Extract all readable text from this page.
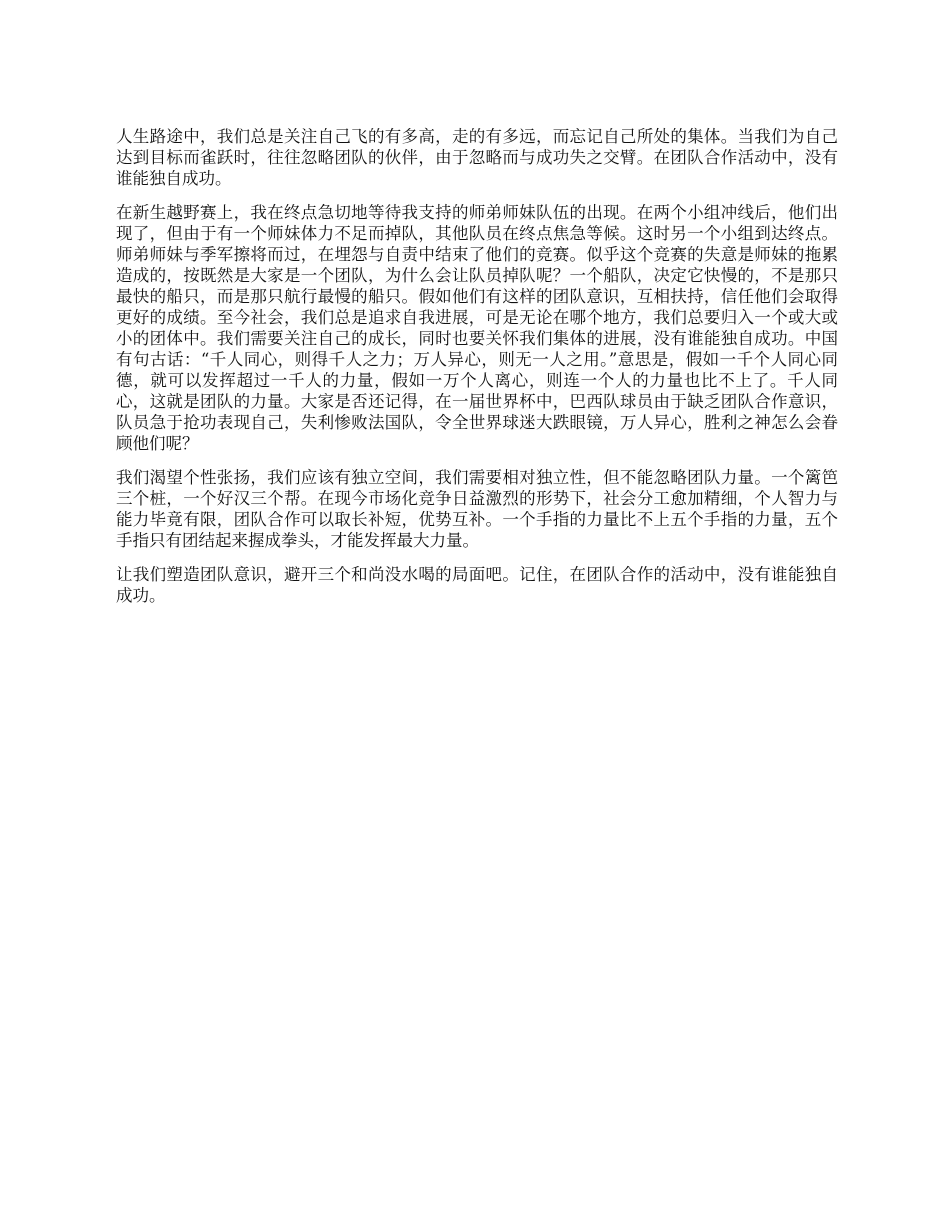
人生路途中，我们总是关注自己飞的有多高，走的有多远，而忘记自己所处的集体。当我们为自己达到目标而雀跃时，往往忽略团队的伙伴，由于忽略而与成功失之交臂。在团队合作活动中，没有谁能独自成功。

在新生越野赛上，我在终点急切地等待我支持的师弟师妹队伍的出现。在两个小组冲线后，他们出现了，但由于有一个师妹体力不足而掉队，其他队员在终点焦急等候。这时另一个小组到达终点。师弟师妹与季军擦将而过，在埋怨与自责中结束了他们的竞赛。似乎这个竞赛的失意是师妹的拖累造成的，按既然是大家是一个团队，为什么会让队员掉队呢？一个船队，决定它快慢的，不是那只最快的船只，而是那只航行最慢的船只。假如他们有这样的团队意识，互相扶持，信任他们会取得更好的成绩。至今社会，我们总是追求自我进展，可是无论在哪个地方，我们总要归入一个或大或小的团体中。我们需要关注自己的成长，同时也要关怀我们集体的进展，没有谁能独自成功。中国有句古话：“千人同心，则得千人之力；万人异心，则无一人之用。”意思是，假如一千个人同心同德，就可以发挥超过一千人的力量，假如一万个人离心，则连一个人的力量也比不上了。千人同心，这就是团队的力量。大家是否还记得，在一届世界杯中，巴西队球员由于缺乏团队合作意识，队员急于抢功表现自己，失利惨败法国队，令全世界球迷大跌眼镜，万人异心，胜利之神怎么会眷顾他们呢？

我们渴望个性张扬，我们应该有独立空间，我们需要相对独立性，但不能忽略团队力量。一个篱笆三个桩，一个好汉三个帮。在现今市场化竞争日益激烈的形势下，社会分工愈加精细，个人智力与能力毕竟有限，团队合作可以取长补短，优势互补。一个手指的力量比不上五个手指的力量，五个手指只有团结起来握成拳头，才能发挥最大力量。

让我们塑造团队意识，避开三个和尚没水喝的局面吧。记住，在团队合作的活动中，没有谁能独自成功。
